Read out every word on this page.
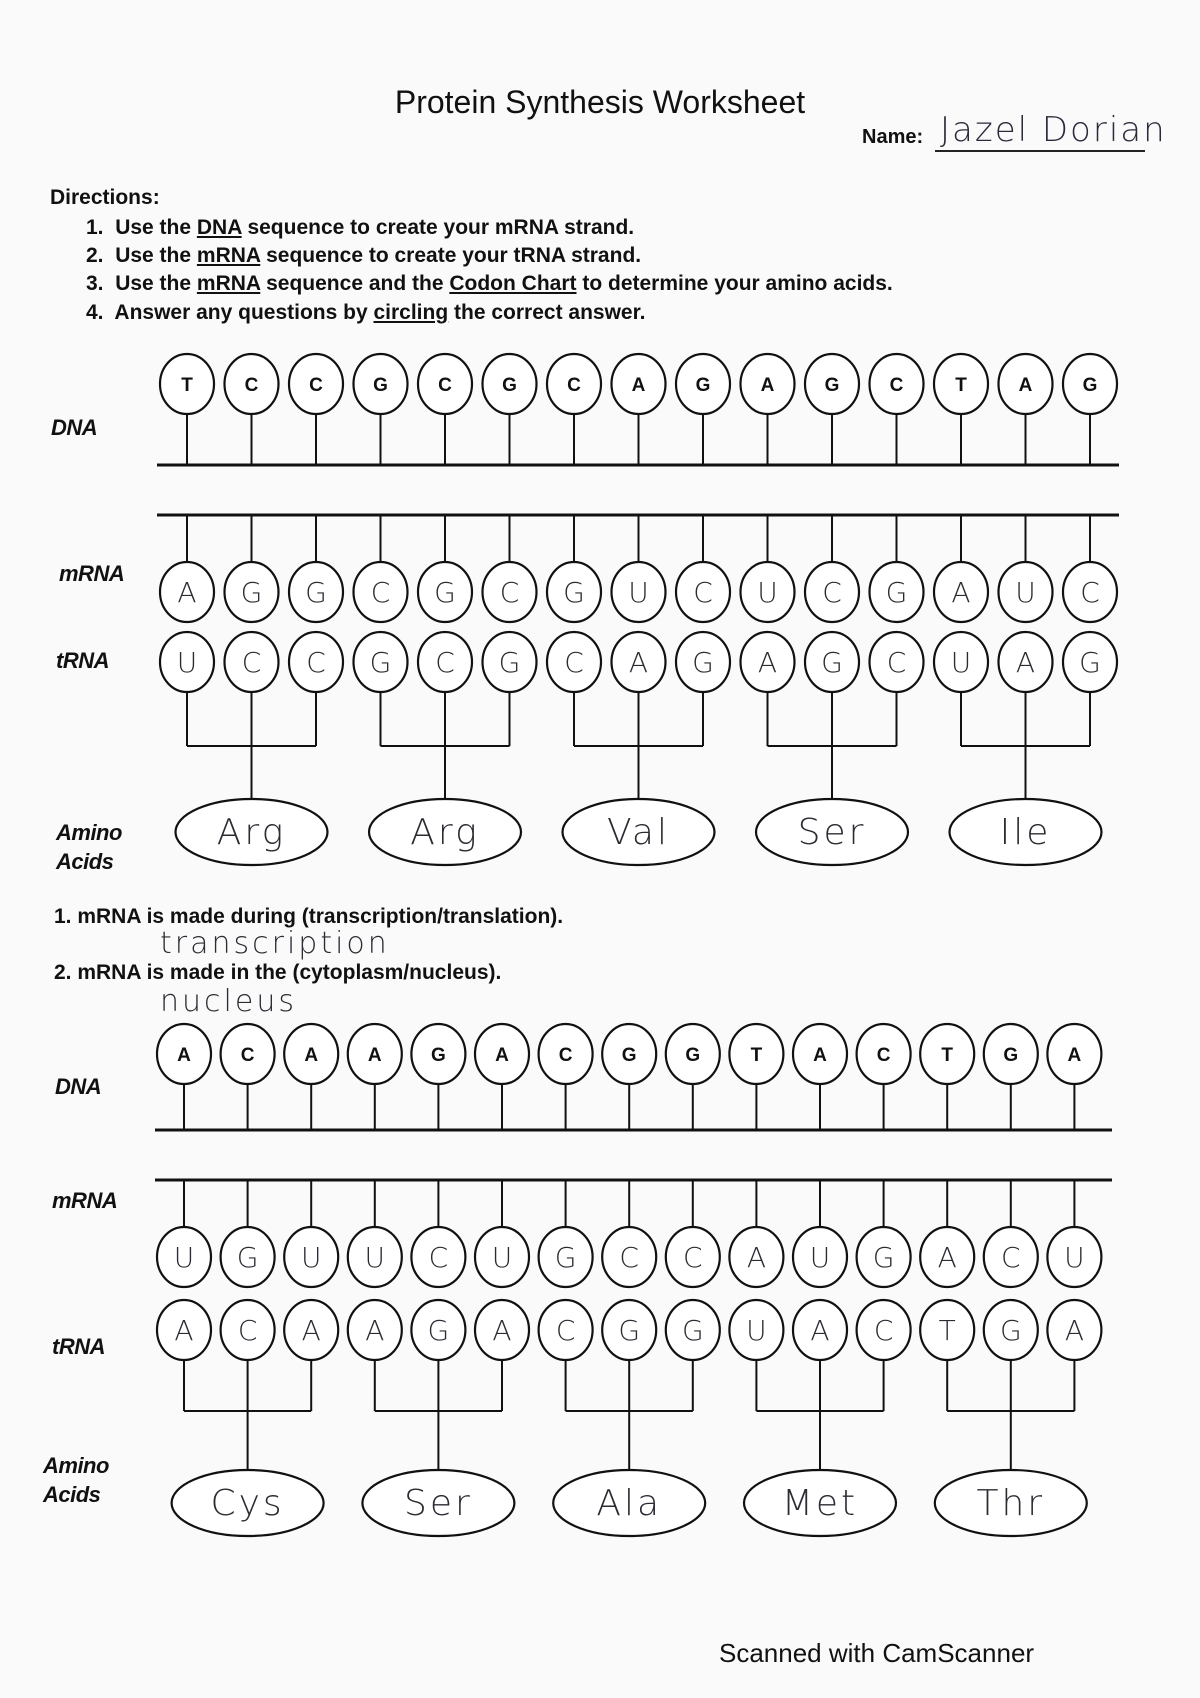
Protein Synthesis Worksheet
Name: Jazel Dorian
Directions:
1. Use the DNA sequence to create your mRNA strand.
2. Use the mRNA sequence to create your tRNA strand.
3. Use the mRNA sequence and the Codon Chart to determine your amino acids.
4. Answer any questions by circling the correct answer.
DNA
mRNA
tRNA
Amino
Acids
1. mRNA is made during (transcription/translation).
transcription
2. mRNA is made in the (cytoplasm/nucleus).
nucleus
DNA
mRNA
tRNA
Amino
Acids
T	C	C	G	C	G	C	A	G	A	G	C	T	A	G
A G G C G C G U C U C G A U C
U C C G C G C A G A G C U A G
Arg	Arg	Val	Ser	Ile
A	C	A	A	G	A	C	G	G	T	A	C	T	G	A
U G U U C U G C C A U G A C U
A C A A G A C G G U A C T G A
Cys	Ser	Ala	Met	Thr
Scanned with CamScanner
